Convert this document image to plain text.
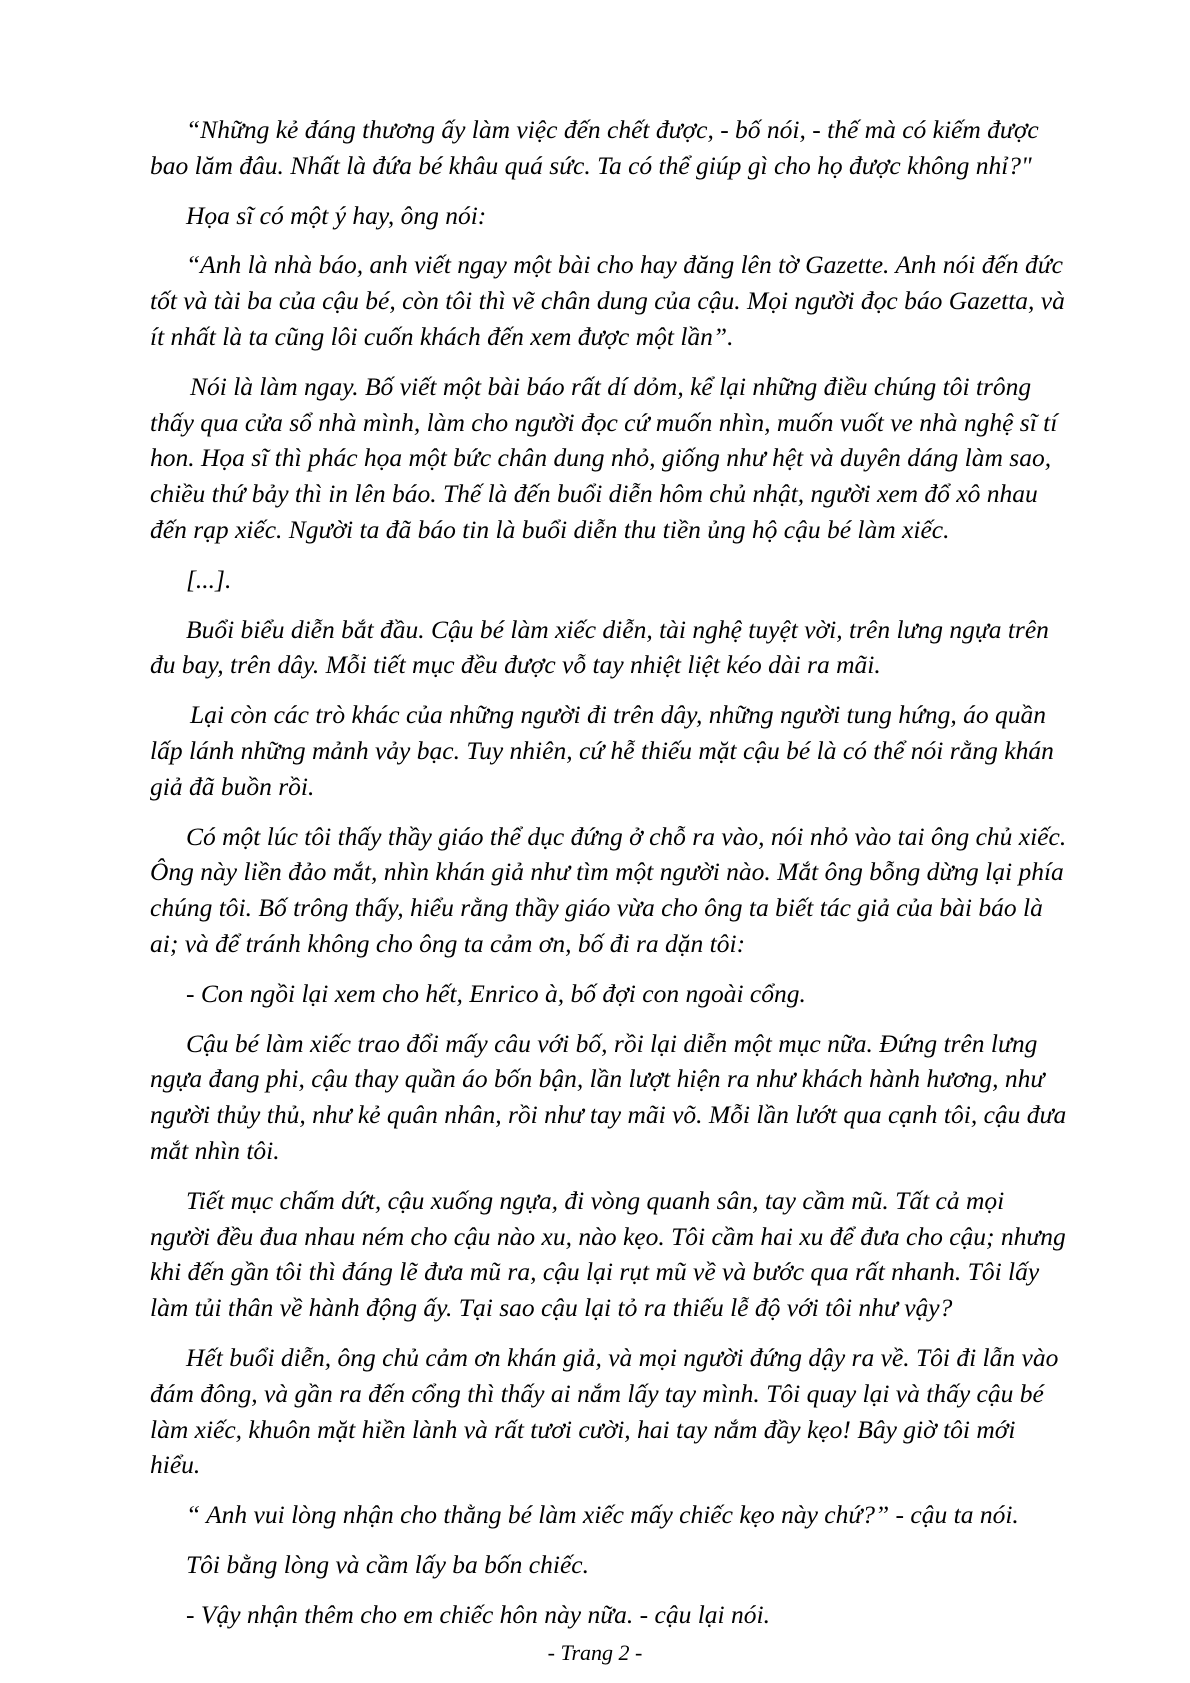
“Những kẻ đáng thương ấy làm việc đến chết được, - bố nói, - thế mà có kiếm được bao lăm đâu. Nhất là đứa bé khâu quá sức. Ta có thể giúp gì cho họ được không nhỉ?"

Họa sĩ có một ý hay, ông nói:

“Anh là nhà báo, anh viết ngay một bài cho hay đăng lên tờ Gazette. Anh nói đến đức tốt và tài ba của cậu bé, còn tôi thì vẽ chân dung của cậu. Mọi người đọc báo Gazetta, và ít nhất là ta cũng lôi cuốn khách đến xem được một lần”.

Nói là làm ngay. Bố viết một bài báo rất dí dỏm, kể lại những điều chúng tôi trông thấy qua cửa sổ nhà mình, làm cho người đọc cứ muốn nhìn, muốn vuốt ve nhà nghệ sĩ tí hon. Họa sĩ thì phác họa một bức chân dung nhỏ, giống như hệt và duyên dáng làm sao, chiều thứ bảy thì in lên báo. Thế là đến buổi diễn hôm chủ nhật, người xem đổ xô nhau đến rạp xiếc. Người ta đã báo tin là buổi diễn thu tiền ủng hộ cậu bé làm xiếc.

[...].

Buổi biểu diễn bắt đầu. Cậu bé làm xiếc diễn, tài nghệ tuyệt vời, trên lưng ngựa trên đu bay, trên dây. Mỗi tiết mục đều được vỗ tay nhiệt liệt kéo dài ra mãi.

Lại còn các trò khác của những người đi trên dây, những người tung hứng, áo quần lấp lánh những mảnh vảy bạc. Tuy nhiên, cứ hễ thiếu mặt cậu bé là có thể nói rằng khán giả đã buồn rồi.

Có một lúc tôi thấy thầy giáo thể dục đứng ở chỗ ra vào, nói nhỏ vào tai ông chủ xiếc. Ông này liền đảo mắt, nhìn khán giả như tìm một người nào. Mắt ông bỗng dừng lại phía chúng tôi. Bố trông thấy, hiểu rằng thầy giáo vừa cho ông ta biết tác giả của bài báo là ai; và để tránh không cho ông ta cảm ơn, bố đi ra dặn tôi:

- Con ngồi lại xem cho hết, Enrico à, bố đợi con ngoài cổng.

Cậu bé làm xiếc trao đổi mấy câu với bố, rồi lại diễn một mục nữa. Đứng trên lưng ngựa đang phi, cậu thay quần áo bốn bận, lần lượt hiện ra như khách hành hương, như người thủy thủ, như kẻ quân nhân, rồi như tay mãi võ. Mỗi lần lướt qua cạnh tôi, cậu đưa mắt nhìn tôi.

Tiết mục chấm dứt, cậu xuống ngựa, đi vòng quanh sân, tay cầm mũ. Tất cả mọi người đều đua nhau ném cho cậu nào xu, nào kẹo. Tôi cầm hai xu để đưa cho cậu; nhưng khi đến gần tôi thì đáng lẽ đưa mũ ra, cậu lại rụt mũ về và bước qua rất nhanh. Tôi lấy làm tủi thân về hành động ấy. Tại sao cậu lại tỏ ra thiếu lễ độ với tôi như vậy?

Hết buổi diễn, ông chủ cảm ơn khán giả, và mọi người đứng dậy ra về. Tôi đi lẫn vào đám đông, và gần ra đến cổng thì thấy ai nắm lấy tay mình. Tôi quay lại và thấy cậu bé làm xiếc, khuôn mặt hiền lành và rất tươi cười, hai tay nắm đầy kẹo! Bây giờ tôi mới hiểu.

“ Anh vui lòng nhận cho thằng bé làm xiếc mấy chiếc kẹo này chứ?” - cậu ta nói.

Tôi bằng lòng và cầm lấy ba bốn chiếc.

- Vậy nhận thêm cho em chiếc hôn này nữa. - cậu lại nói.

- Trang 2 -
